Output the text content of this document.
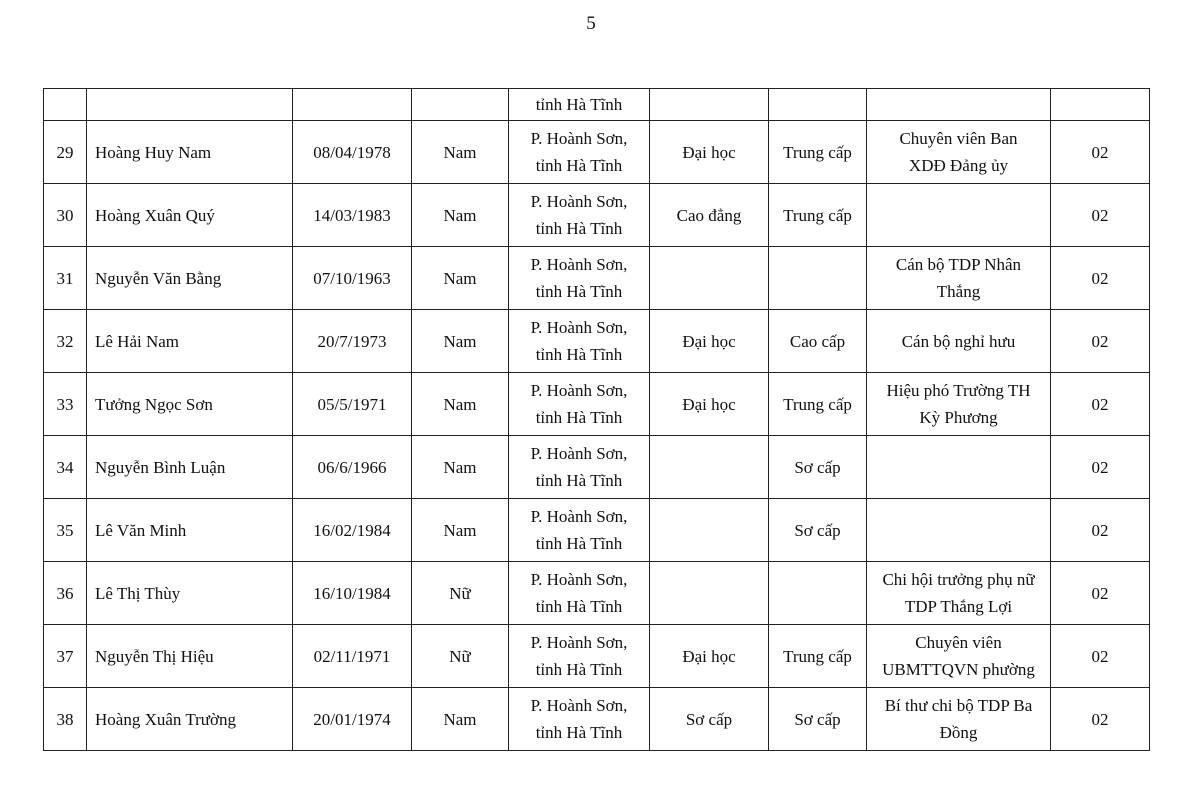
5

				tỉnh Hà Tĩnh				

29	Hoàng Huy Nam	08/04/1978	Nam	P. Hoành Sơn,
tỉnh Hà Tĩnh	Đại học	Trung cấp	Chuyên viên Ban
XDĐ Đảng ủy	02
30	Hoàng Xuân Quý	14/03/1983	Nam	P. Hoành Sơn,
tỉnh Hà Tĩnh	Cao đẳng	Trung cấp		02
31	Nguyễn Văn Bằng	07/10/1963	Nam	P. Hoành Sơn,
tỉnh Hà Tĩnh			Cán bộ TDP Nhân
Thắng	02
32	Lê Hải Nam	20/7/1973	Nam	P. Hoành Sơn,
tỉnh Hà Tĩnh	Đại học	Cao cấp	Cán bộ nghỉ hưu	02
33	Tưởng Ngọc Sơn	05/5/1971	Nam	P. Hoành Sơn,
tỉnh Hà Tĩnh	Đại học	Trung cấp	Hiệu phó Trường TH
Kỳ Phương	02
34	Nguyễn Bình Luận	06/6/1966	Nam	P. Hoành Sơn,
tỉnh Hà Tĩnh		Sơ cấp		02
35	Lê Văn Minh	16/02/1984	Nam	P. Hoành Sơn,
tỉnh Hà Tĩnh		Sơ cấp		02
36	Lê Thị Thùy	16/10/1984	Nữ	P. Hoành Sơn,
tỉnh Hà Tĩnh			Chi hội trưởng phụ nữ
TDP Thắng Lợi	02
37	Nguyễn Thị Hiệu	02/11/1971	Nữ	P. Hoành Sơn,
tỉnh Hà Tĩnh	Đại học	Trung cấp	Chuyên viên
UBMTTQVN phường	02
38	Hoàng Xuân Trường	20/01/1974	Nam	P. Hoành Sơn,
tỉnh Hà Tĩnh	Sơ cấp	Sơ cấp	Bí thư chi bộ TDP Ba
Đồng	02
